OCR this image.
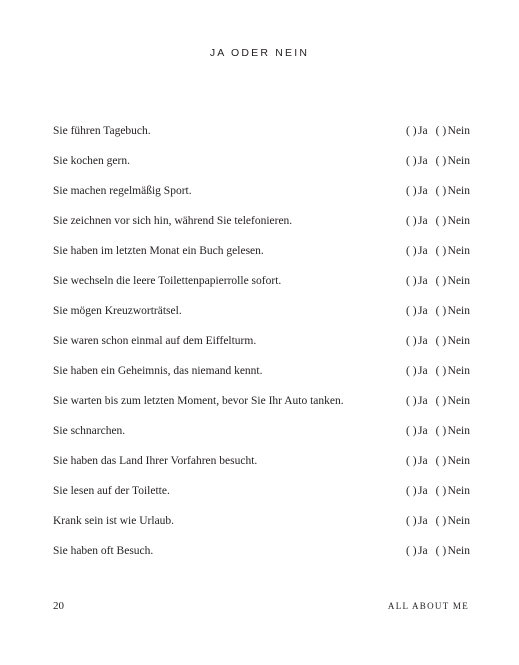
JA ODER NEIN
Sie führen Tagebuch.	( ) Ja ( ) Nein
Sie kochen gern.	( ) Ja ( ) Nein
Sie machen regelmäßig Sport.	( ) Ja ( ) Nein
Sie zeichnen vor sich hin, während Sie telefonieren.	( ) Ja ( ) Nein
Sie haben im letzten Monat ein Buch gelesen.	( ) Ja ( ) Nein
Sie wechseln die leere Toilettenpapierrolle sofort.	( ) Ja ( ) Nein
Sie mögen Kreuzworträtsel.	( ) Ja ( ) Nein
Sie waren schon einmal auf dem Eiffelturm.	( ) Ja ( ) Nein
Sie haben ein Geheimnis, das niemand kennt.	( ) Ja ( ) Nein
Sie warten bis zum letzten Moment, bevor Sie Ihr Auto tanken.	( ) Ja ( ) Nein
Sie schnarchen.	( ) Ja ( ) Nein
Sie haben das Land Ihrer Vorfahren besucht.	( ) Ja ( ) Nein
Sie lesen auf der Toilette.	( ) Ja ( ) Nein
Krank sein ist wie Urlaub.	( ) Ja ( ) Nein
Sie haben oft Besuch.	( ) Ja ( ) Nein
20	ALL ABOUT ME
